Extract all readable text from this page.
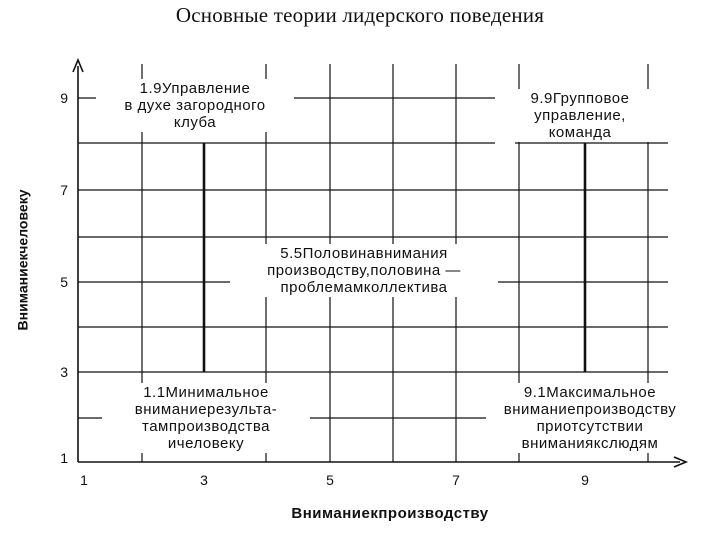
Основные теории лидерского поведения
9
7
5
3
1
1	3	5	7	9
Вниманиекчеловеку
Вниманиекпроизводству
1.9Управление
в духе загородного
клуба
9.9Групповое
управление,
команда
5.5Половинавнимания
производству,половина —
проблемамколлектива
1.1Минимальное
вниманиерезульта-
тампроизводства
ичеловеку
9.1Максимальное
вниманиепроизводству
приотсутствии
вниманиякслюдям
